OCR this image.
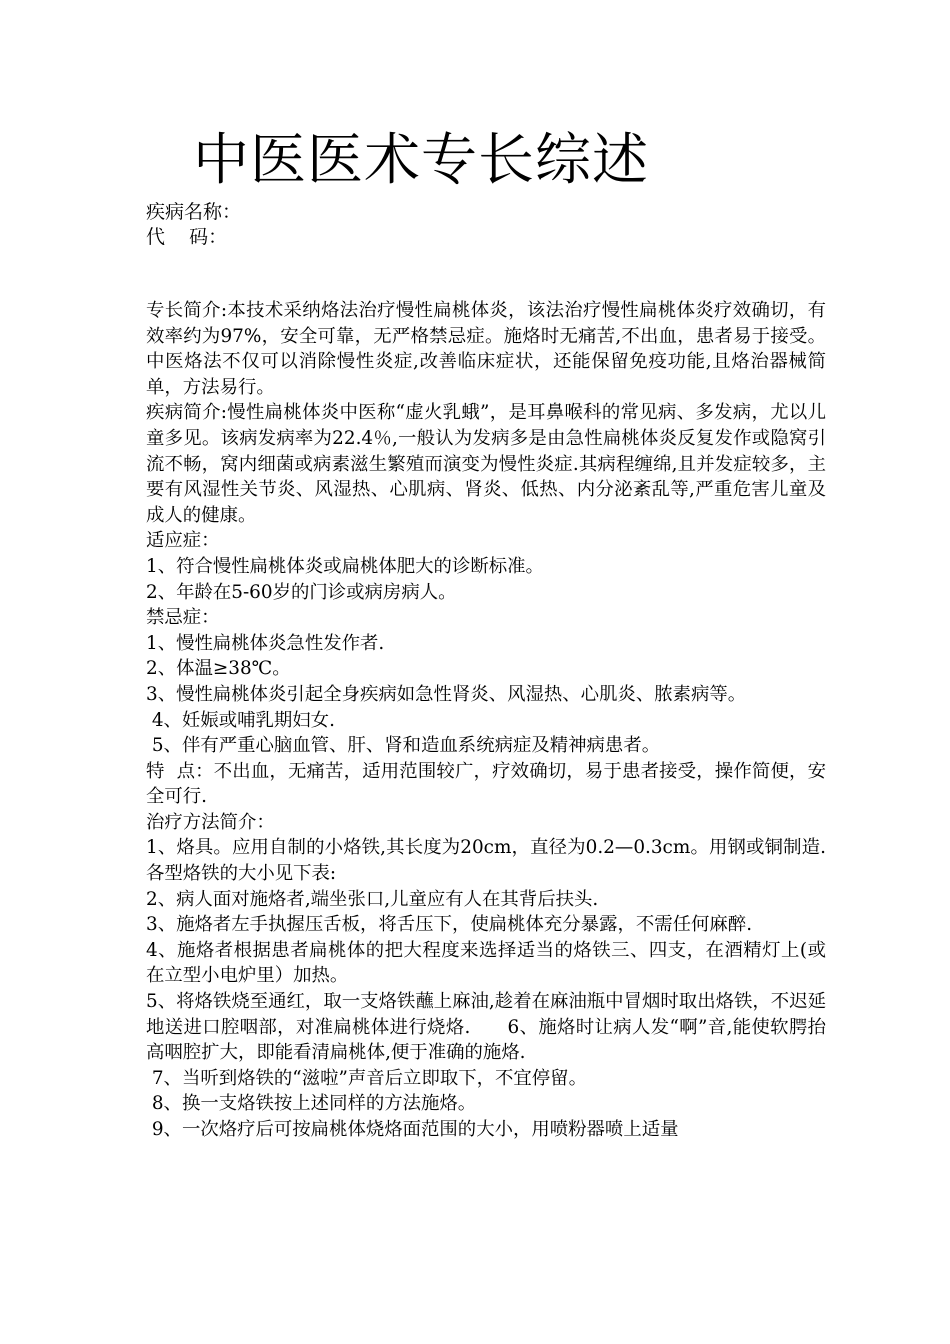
中医医术专长综述
疾病名称：
代    码：

专长简介:本技术采纳烙法治疗慢性扁桃体炎，该法治疗慢性扁桃体炎疗效确切，有效率约为97%，安全可靠，无严格禁忌症。施烙时无痛苦,不出血，患者易于接受。中医烙法不仅可以消除慢性炎症,改善临床症状，还能保留免疫功能,且烙治器械简单，方法易行。

疾病简介:慢性扁桃体炎中医称“虚火乳蛾”，是耳鼻喉科的常见病、多发病，尤以儿童多见。该病发病率为22.4％,一般认为发病多是由急性扁桃体炎反复发作或隐窝引流不畅，窝内细菌或病素滋生繁殖而演变为慢性炎症.其病程缠绵,且并发症较多，主要有风湿性关节炎、风湿热、心肌病、肾炎、低热、内分泌紊乱等,严重危害儿童及成人的健康。

适应症：

1、符合慢性扁桃体炎或扁桃体肥大的诊断标准。

2、年龄在5-60岁的门诊或病房病人。

禁忌症：

1、慢性扁桃体炎急性发作者.

2、体温≥38℃。

3、慢性扁桃体炎引起全身疾病如急性肾炎、风湿热、心肌炎、脓素病等。

4、妊娠或哺乳期妇女.

5、伴有严重心脑血管、肝、肾和造血系统病症及精神病患者。

特  点：不出血，无痛苦，适用范围较广，疗效确切，易于患者接受，操作简便，安全可行.

治疗方法简介：

1、烙具。应用自制的小烙铁,其长度为20cm，直径为0.2—0.3cm。用钢或铜制造.各型烙铁的大小见下表:

2、病人面对施烙者,端坐张口,儿童应有人在其背后扶头.

3、施烙者左手执握压舌板，将舌压下，使扁桃体充分暴露，不需任何麻醉.

4、施烙者根据患者扁桃体的把大程度来选择适当的烙铁三、四支，在酒精灯上(或在立型小电炉里）加热。

5、将烙铁烧至通红，取一支烙铁蘸上麻油,趁着在麻油瓶中冒烟时取出烙铁，不迟延地送进口腔咽部，对准扁桃体进行烧烙.      6、施烙时让病人发“啊”音,能使软腭抬高咽腔扩大，即能看清扁桃体,便于准确的施烙.

7、当听到烙铁的“滋啦”声音后立即取下，不宜停留。

8、换一支烙铁按上述同样的方法施烙。

9、一次烙疗后可按扁桃体烧烙面范围的大小，用喷粉器喷上适量
